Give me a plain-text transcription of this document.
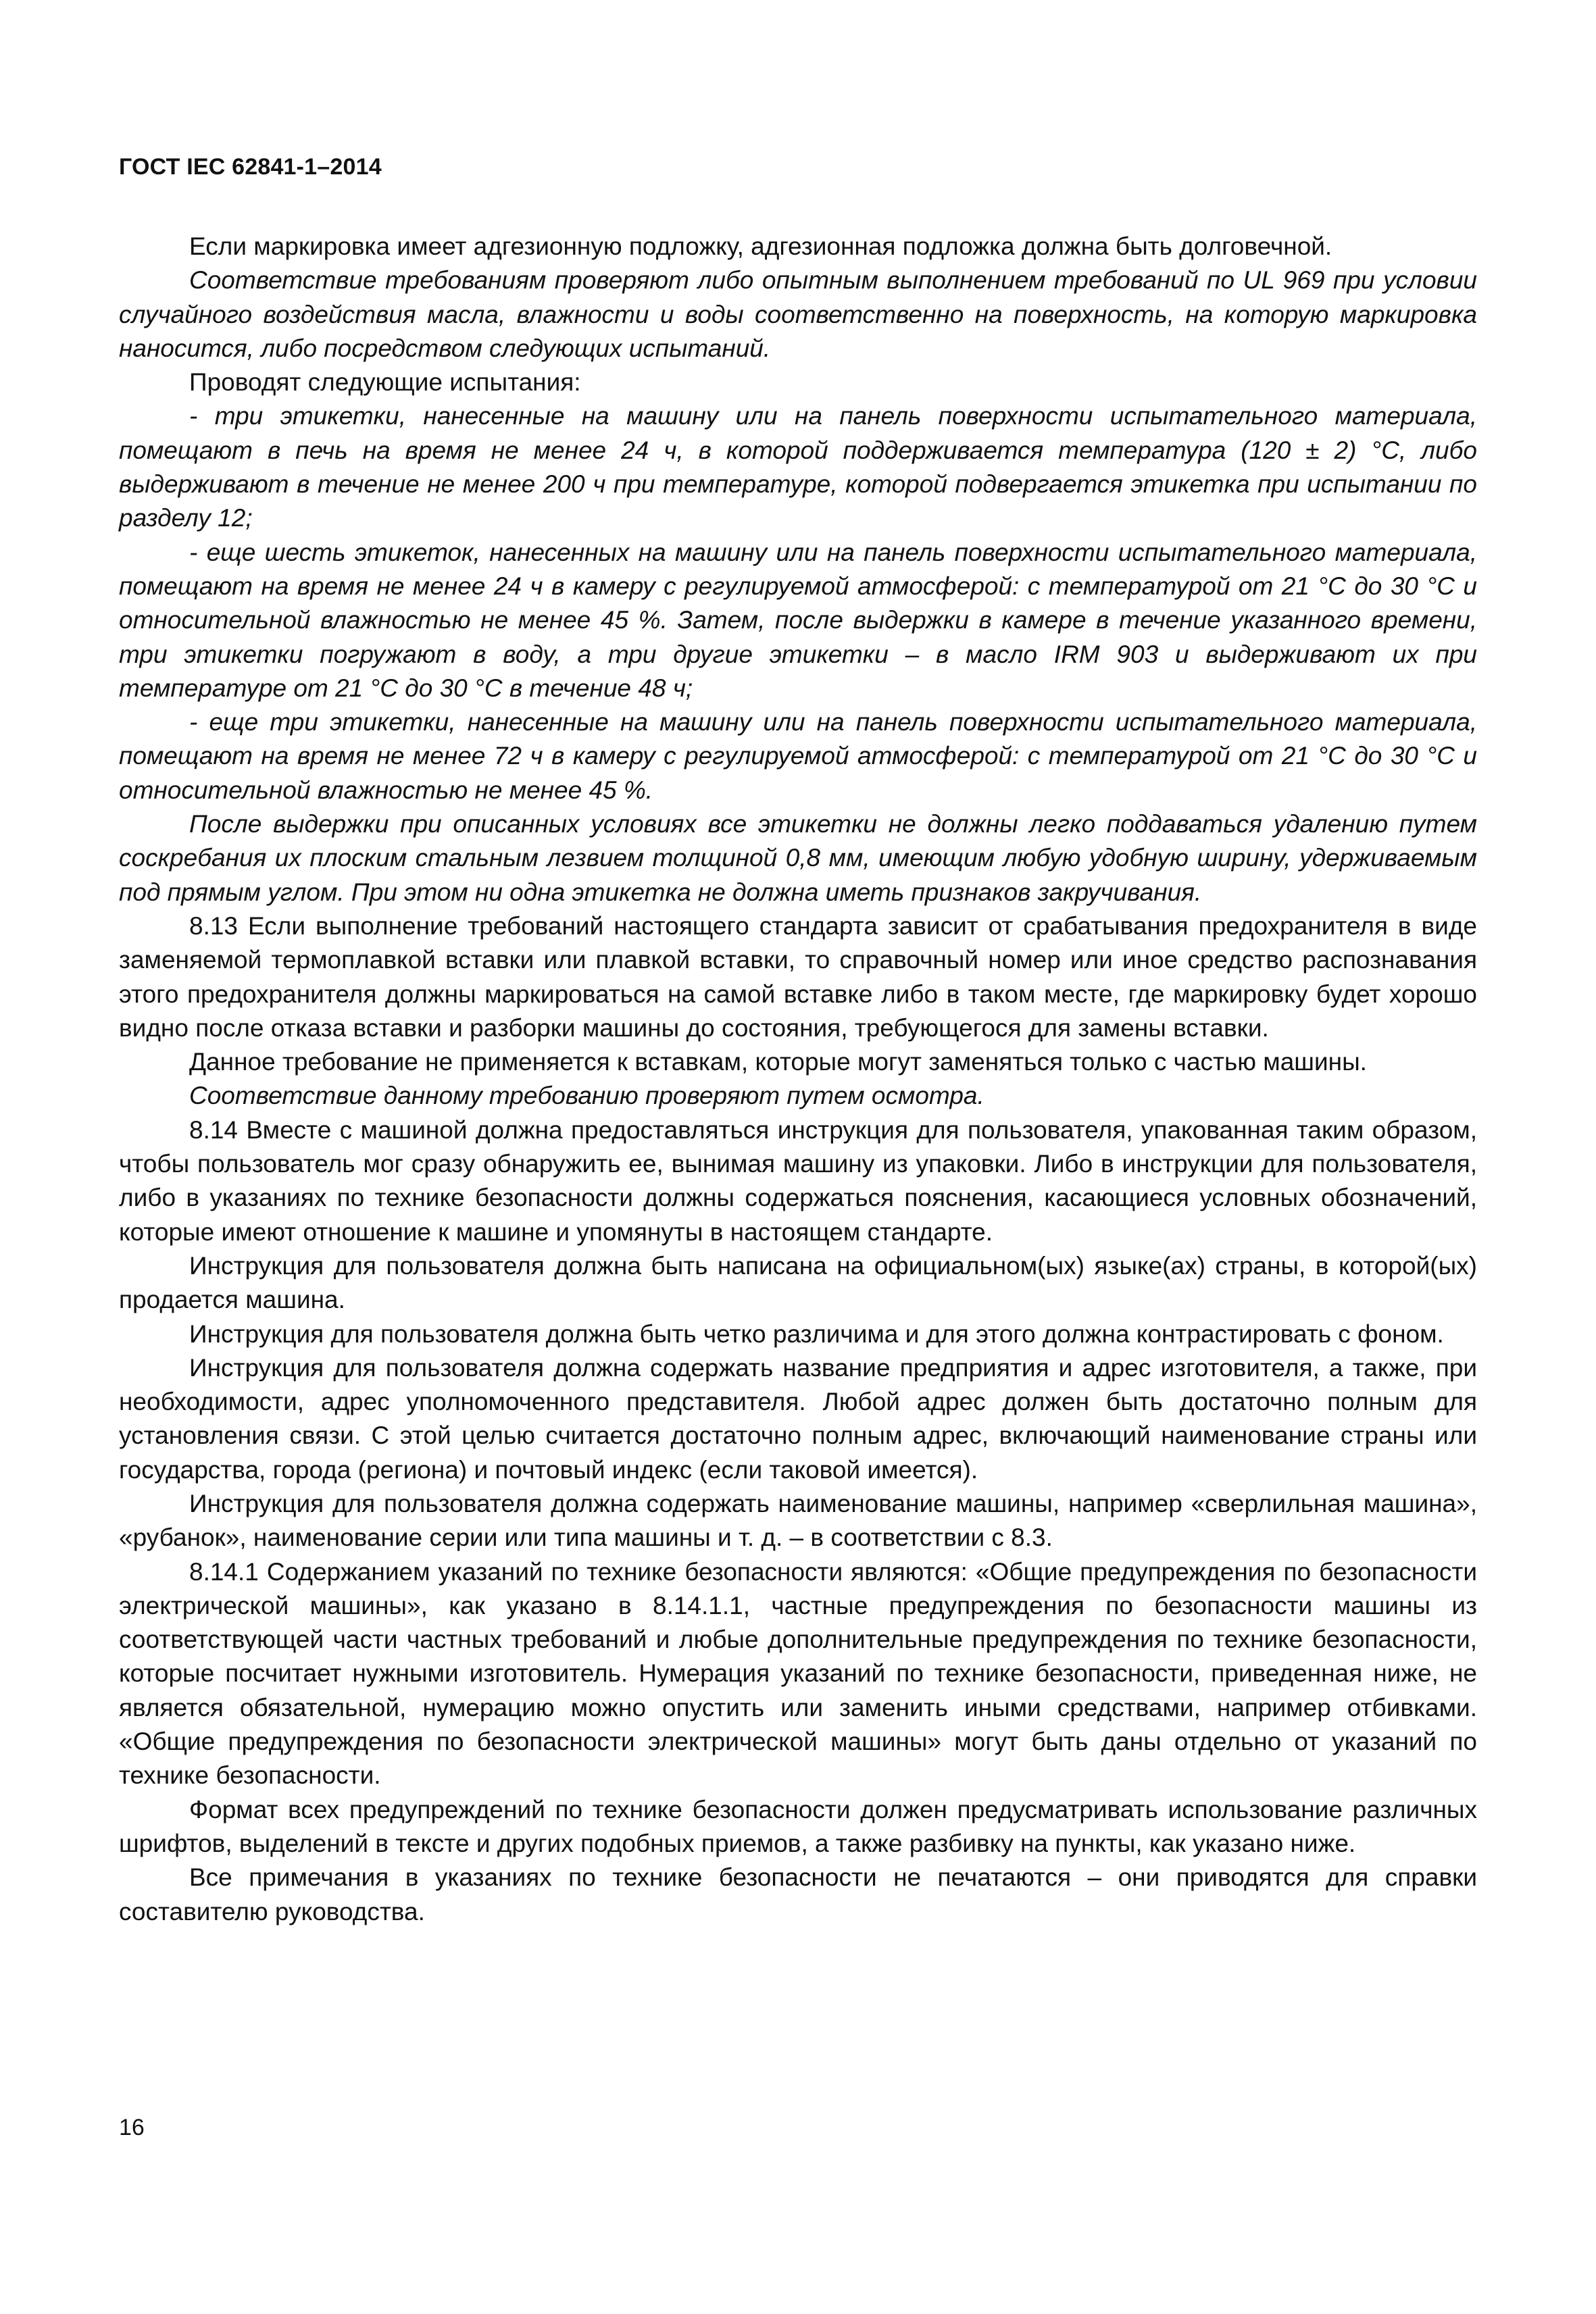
ГОСТ IEC 62841-1–2014

Если маркировка имеет адгезионную подложку, адгезионная подложка должна быть долговечной.

Соответствие требованиям проверяют либо опытным выполнением требований по UL 969 при условии случайного воздействия масла, влажности и воды соответственно на поверхность, на которую маркировка наносится, либо посредством следующих испытаний.

Проводят следующие испытания:

- три этикетки, нанесенные на машину или на панель поверхности испытательного материала, помещают в печь на время не менее 24 ч, в которой поддерживается температура (120 ± 2) °С, либо выдерживают в течение не менее 200 ч при температуре, которой подвергается этикетка при испытании по разделу 12;

- еще шесть этикеток, нанесенных на машину или на панель поверхности испытательного материала, помещают на время не менее 24 ч в камеру с регулируемой атмосферой: с температурой от 21 °С до 30 °С и относительной влажностью не менее 45 %. Затем, после выдержки в камере в течение указанного времени, три этикетки погружают в воду, а три другие этикетки – в масло IRM 903 и выдерживают их при температуре от 21 °С до 30 °С в течение 48 ч;

- еще три этикетки, нанесенные на машину или на панель поверхности испытательного материала, помещают на время не менее 72 ч в камеру с регулируемой атмосферой: с температурой от 21 °С до 30 °С и относительной влажностью не менее 45 %.

После выдержки при описанных условиях все этикетки не должны легко поддаваться удалению путем соскребания их плоским стальным лезвием толщиной 0,8 мм, имеющим любую удобную ширину, удерживаемым под прямым углом. При этом ни одна этикетка не должна иметь признаков закручивания.

8.13 Если выполнение требований настоящего стандарта зависит от срабатывания предохранителя в виде заменяемой термоплавкой вставки или плавкой вставки, то справочный номер или иное средство распознавания этого предохранителя должны маркироваться на самой вставке либо в таком месте, где маркировку будет хорошо видно после отказа вставки и разборки машины до состояния, требующегося для замены вставки.

Данное требование не применяется к вставкам, которые могут заменяться только с частью машины.

Соответствие данному требованию проверяют путем осмотра.

8.14 Вместе с машиной должна предоставляться инструкция для пользователя, упакованная таким образом, чтобы пользователь мог сразу обнаружить ее, вынимая машину из упаковки. Либо в инструкции для пользователя, либо в указаниях по технике безопасности должны содержаться пояснения, касающиеся условных обозначений, которые имеют отношение к машине и упомянуты в настоящем стандарте.

Инструкция для пользователя должна быть написана на официальном(ых) языке(ах) страны, в которой(ых) продается машина.

Инструкция для пользователя должна быть четко различима и для этого должна контрастировать с фоном.

Инструкция для пользователя должна содержать название предприятия и адрес изготовителя, а также, при необходимости, адрес уполномоченного представителя. Любой адрес должен быть достаточно полным для установления связи. С этой целью считается достаточно полным адрес, включающий наименование страны или государства, города (региона) и почтовый индекс (если таковой имеется).

Инструкция для пользователя должна содержать наименование машины, например «сверлильная машина», «рубанок», наименование серии или типа машины и т. д. – в соответствии с 8.3.

8.14.1 Содержанием указаний по технике безопасности являются: «Общие предупреждения по безопасности электрической машины», как указано в 8.14.1.1, частные предупреждения по безопасности машины из соответствующей части частных требований и любые дополнительные предупреждения по технике безопасности, которые посчитает нужными изготовитель. Нумерация указаний по технике безопасности, приведенная ниже, не является обязательной, нумерацию можно опустить или заменить иными средствами, например отбивками. «Общие предупреждения по безопасности электрической машины» могут быть даны отдельно от указаний по технике безопасности.

Формат всех предупреждений по технике безопасности должен предусматривать использование различных шрифтов, выделений в тексте и других подобных приемов, а также разбивку на пункты, как указано ниже.

Все примечания в указаниях по технике безопасности не печатаются – они приводятся для справки составителю руководства.

16
